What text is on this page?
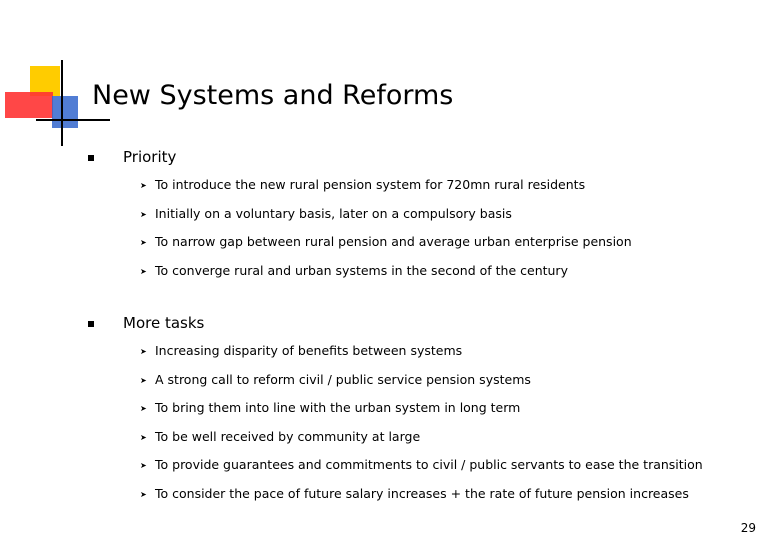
New Systems and Reforms
Priority
➤ To introduce the new rural pension system for 720mn rural residents
➤ Initially on a voluntary basis, later on a compulsory basis
➤ To narrow gap between rural pension and average urban enterprise pension
➤ To converge rural and urban systems in the second of the century
More tasks
➤ Increasing disparity of benefits between systems
➤ A strong call to reform civil / public service pension systems
➤ To bring them into line with the urban system in long term
➤ To be well received by community at large
➤ To provide guarantees and commitments to civil / public servants to ease the transition
➤ To consider the pace of future salary increases + the rate of future pension increases
29
